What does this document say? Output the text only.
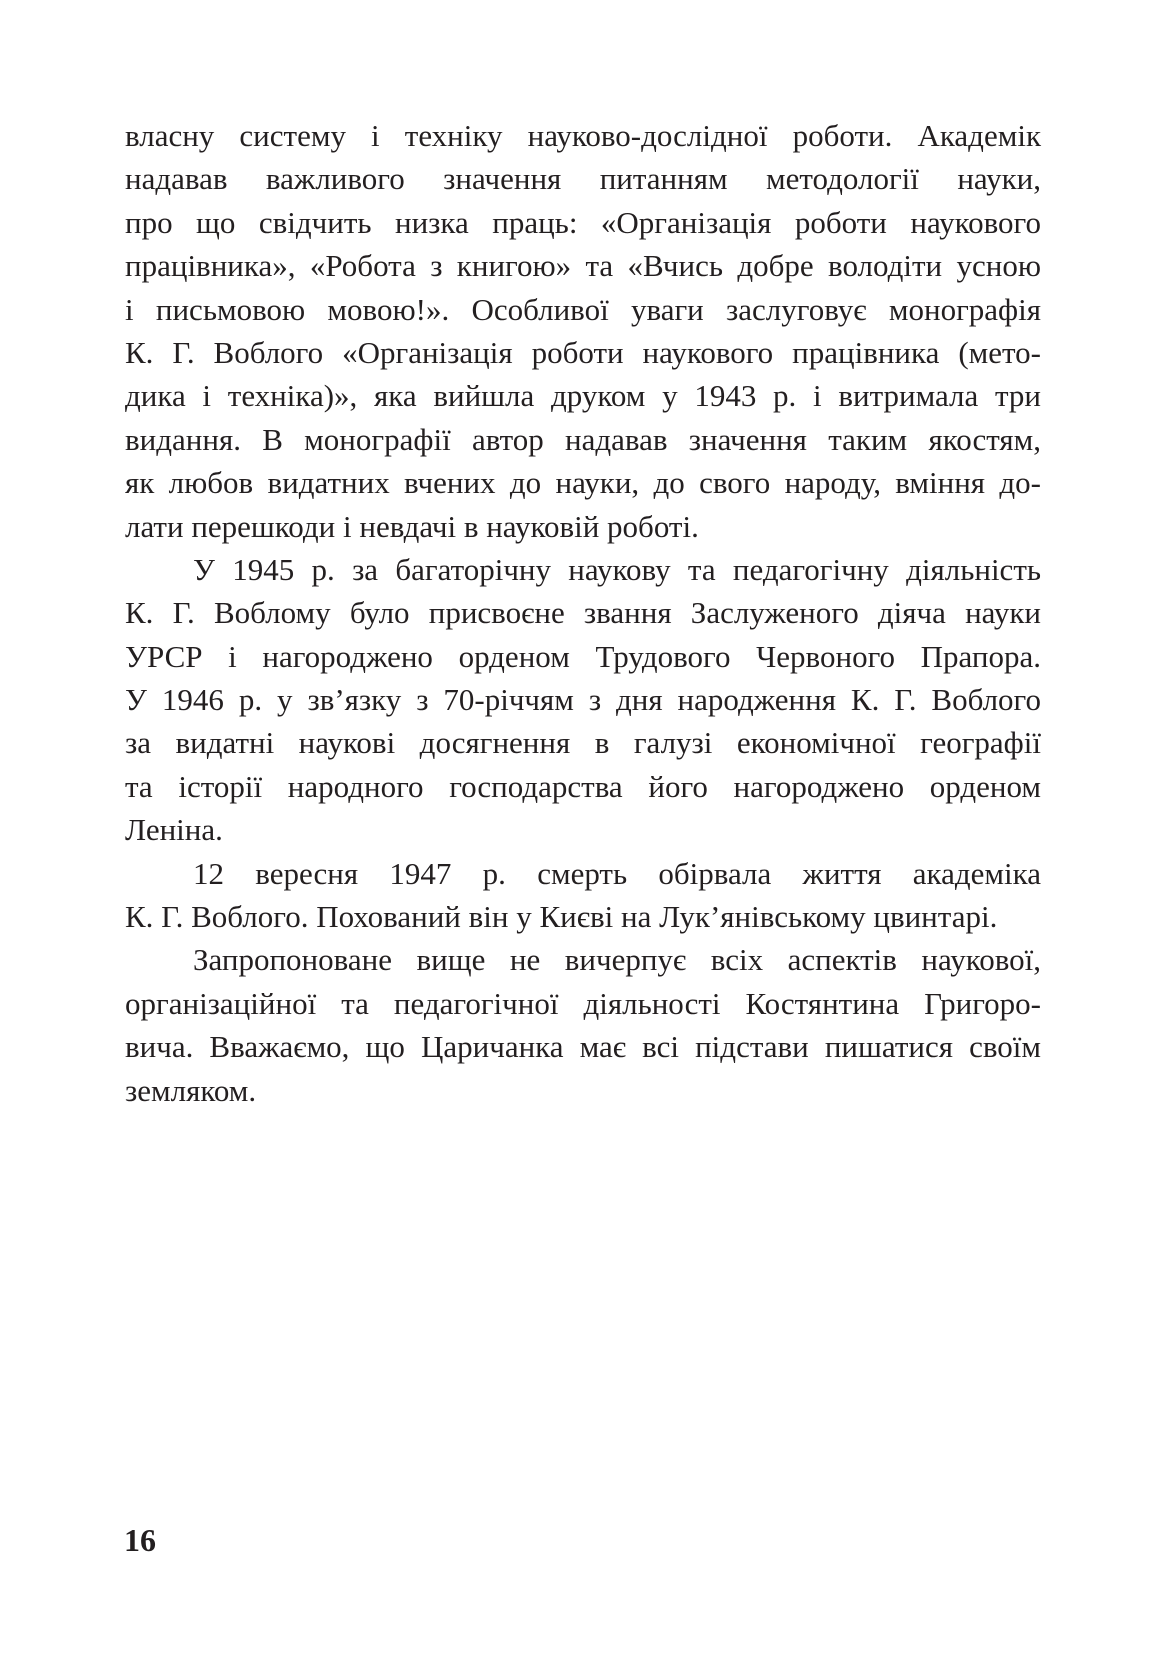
власну систему і техніку науково-дослідної роботи. Академік
надавав важливого значення питанням методології науки,
про що свідчить низка праць: «Організація роботи наукового
працівника», «Робота з книгою» та «Вчись добре володіти усною
і письмовою мовою!». Особливої уваги заслуговує монографія
К. Г. Воблого «Організація роботи наукового працівника (мето-
дика і техніка)», яка вийшла друком у 1943 р. і витримала три
видання. В монографії автор надавав значення таким якостям,
як любов видатних вчених до науки, до свого народу, вміння до-
лати перешкоди і невдачі в науковій роботі.
У 1945 р. за багаторічну наукову та педагогічну діяльність
К. Г. Воблому було присвоєне звання Заслуженого діяча науки
УРСР і нагороджено орденом Трудового Червоного Прапора.
У 1946 р. у зв’язку з 70-річчям з дня народження К. Г. Воблого
за видатні наукові досягнення в галузі економічної географії
та історії народного господарства його нагороджено орденом
Леніна.
12 вересня 1947 р. смерть обірвала життя академіка
К. Г. Воблого. Похований він у Києві на Лук’янівському цвинтарі.
Запропоноване вище не вичерпує всіх аспектів наукової,
організаційної та педагогічної діяльності Костянтина Григоро-
вича. Вважаємо, що Царичанка має всі підстави пишатися своїм
земляком.
16
